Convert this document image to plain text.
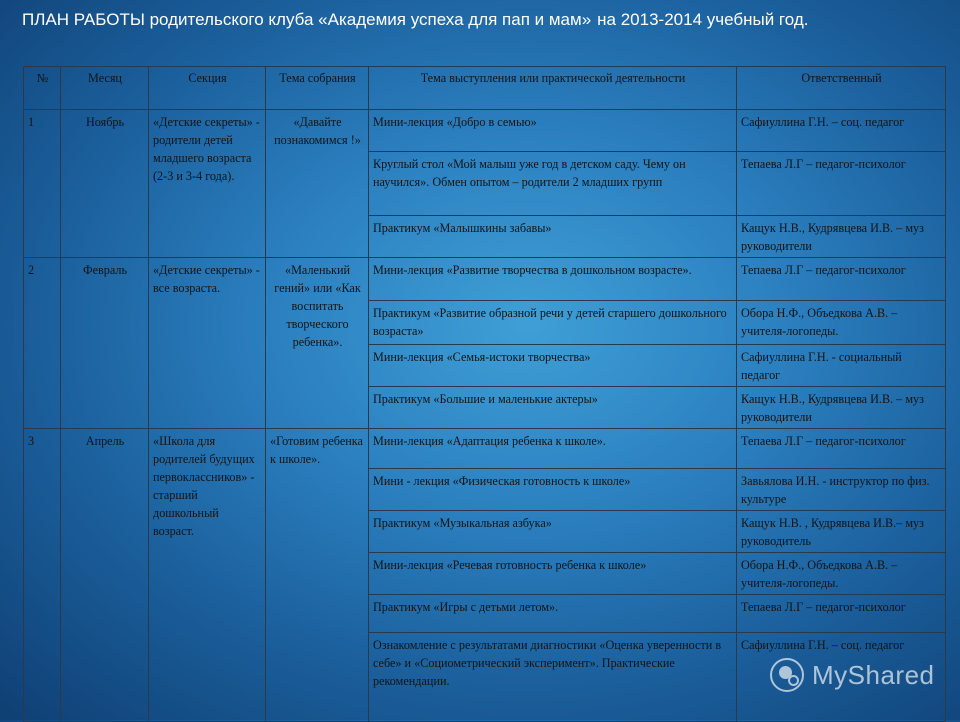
ПЛАН РАБОТЫ родительского клуба «Академия успеха для пап и мам» на 2013-2014 учебный год.
№	Месяц	Секция	Тема собрания	Тема выступления или практической деятельности	Ответственный
1	Ноябрь	«Детские секреты» - родители детей младшего возраста (2-3 и 3-4 года).	«Давайте познакомимся !»	Мини-лекция «Добро в семью»	Сафиуллина Г.Н. – соц. педагог
				Круглый стол «Мой малыш уже год в детском саду. Чему он научился». Обмен опытом – родители 2 младших групп	Тепаева Л.Г – педагог-психолог
				Практикум «Малышкины забавы»	Кащук Н.В., Кудрявцева И.В. – муз руководители
2	Февраль	«Детские секреты» - все возраста.	«Маленький гений» или «Как воспитать творческого ребенка».	Мини-лекция «Развитие творчества в дошкольном возрасте».	Тепаева Л.Г – педагог-психолог
				Практикум «Развитие образной речи у детей старшего дошкольного возраста»	Обора Н.Ф., Объедкова А.В. – учителя-логопеды.
				Мини-лекция «Семья-истоки творчества»	Сафиуллина Г.Н. - социальный педагог
				Практикум «Большие и маленькие актеры»	Кащук Н.В., Кудрявцева И.В. – муз руководители
3	Апрель	«Школа для родителей будущих первоклассников» - старший дошкольный возраст.	«Готовим ребенка к школе».	Мини-лекция «Адаптация ребенка к школе».	Тепаева Л.Г – педагог-психолог
				Мини - лекция «Физическая готовность к школе»	Завьялова И.Н. - инструктор по физ. культуре
				Практикум «Музыкальная азбука»	Кащук Н.В. , Кудрявцева И.В.– муз руководитель
				Мини-лекция «Речевая готовность ребенка к школе»	Обора Н.Ф., Объедкова А.В. – учителя-логопеды.
				Практикум «Игры с детьми летом».	Тепаева Л.Г – педагог-психолог
				Ознакомление с результатами диагностики «Оценка уверенности в себе» и «Социометрический эксперимент». Практические рекомендации.	Сафиуллина Г.Н. – соц. педагог
MyShared
